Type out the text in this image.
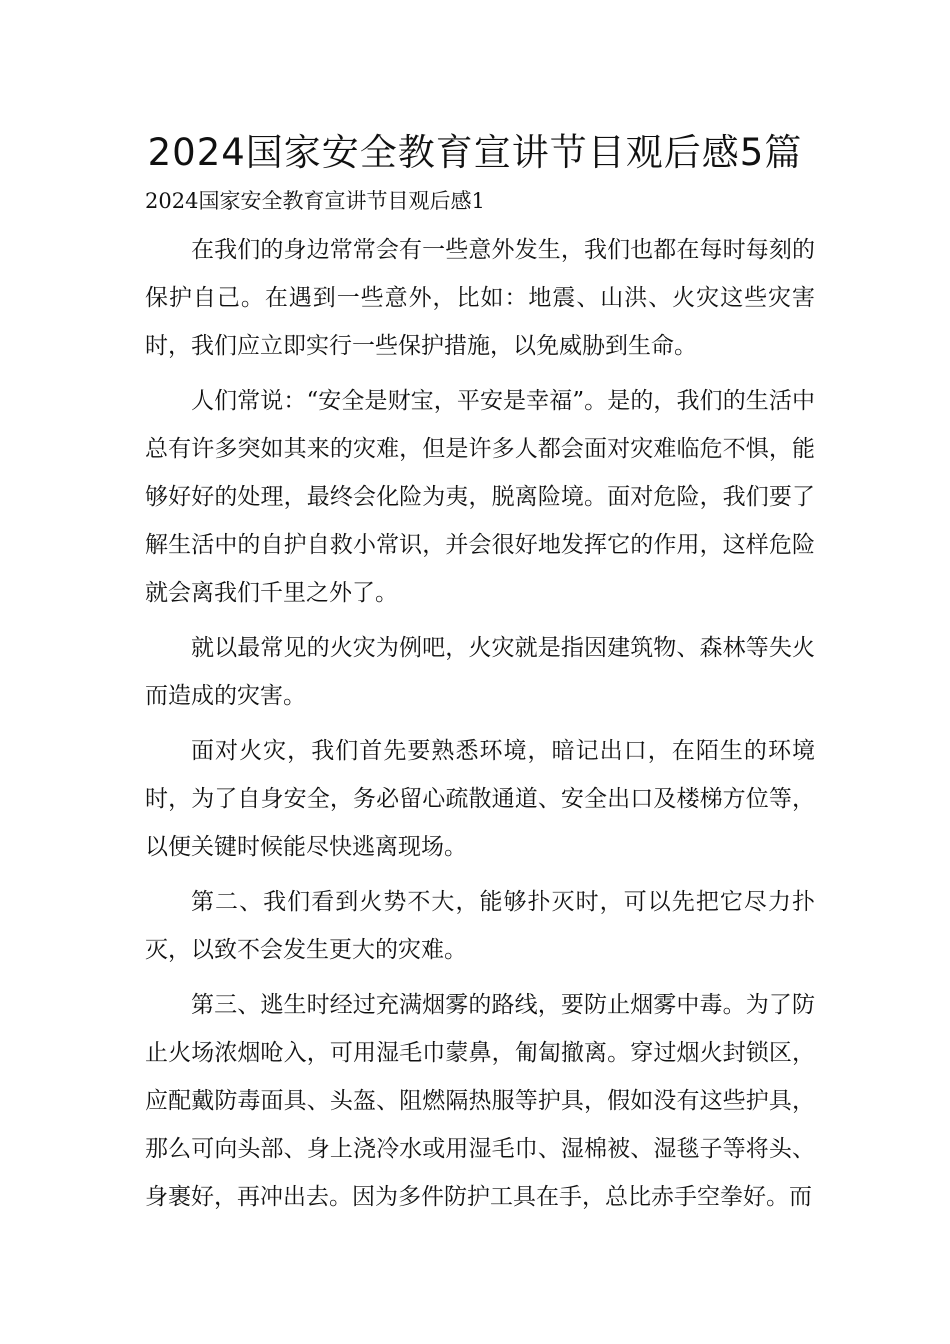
2024国家安全教育宣讲节目观后感5篇
2024国家安全教育宣讲节目观后感1

在我们的身边常常会有一些意外发生，我们也都在每时每刻的保护自己。在遇到一些意外，比如：地震、山洪、火灾这些灾害时，我们应立即实行一些保护措施，以免威胁到生命。

人们常说：“安全是财宝，平安是幸福”。是的，我们的生活中总有许多突如其来的灾难，但是许多人都会面对灾难临危不惧，能够好好的处理，最终会化险为夷，脱离险境。面对危险，我们要了解生活中的自护自救小常识，并会很好地发挥它的作用，这样危险就会离我们千里之外了。

就以最常见的火灾为例吧，火灾就是指因建筑物、森林等失火而造成的灾害。

面对火灾，我们首先要熟悉环境，暗记出口，在陌生的环境时，为了自身安全，务必留心疏散通道、安全出口及楼梯方位等，以便关键时候能尽快逃离现场。

第二、我们看到火势不大，能够扑灭时，可以先把它尽力扑灭，以致不会发生更大的灾难。

第三、逃生时经过充满烟雾的路线，要防止烟雾中毒。为了防止火场浓烟呛入，可用湿毛巾蒙鼻，匍匐撤离。穿过烟火封锁区，应配戴防毒面具、头盔、阻燃隔热服等护具，假如没有这些护具，那么可向头部、身上浇冷水或用湿毛巾、湿棉被、湿毯子等将头、身裹好，再冲出去。因为多件防护工具在手，总比赤手空拳好。而
